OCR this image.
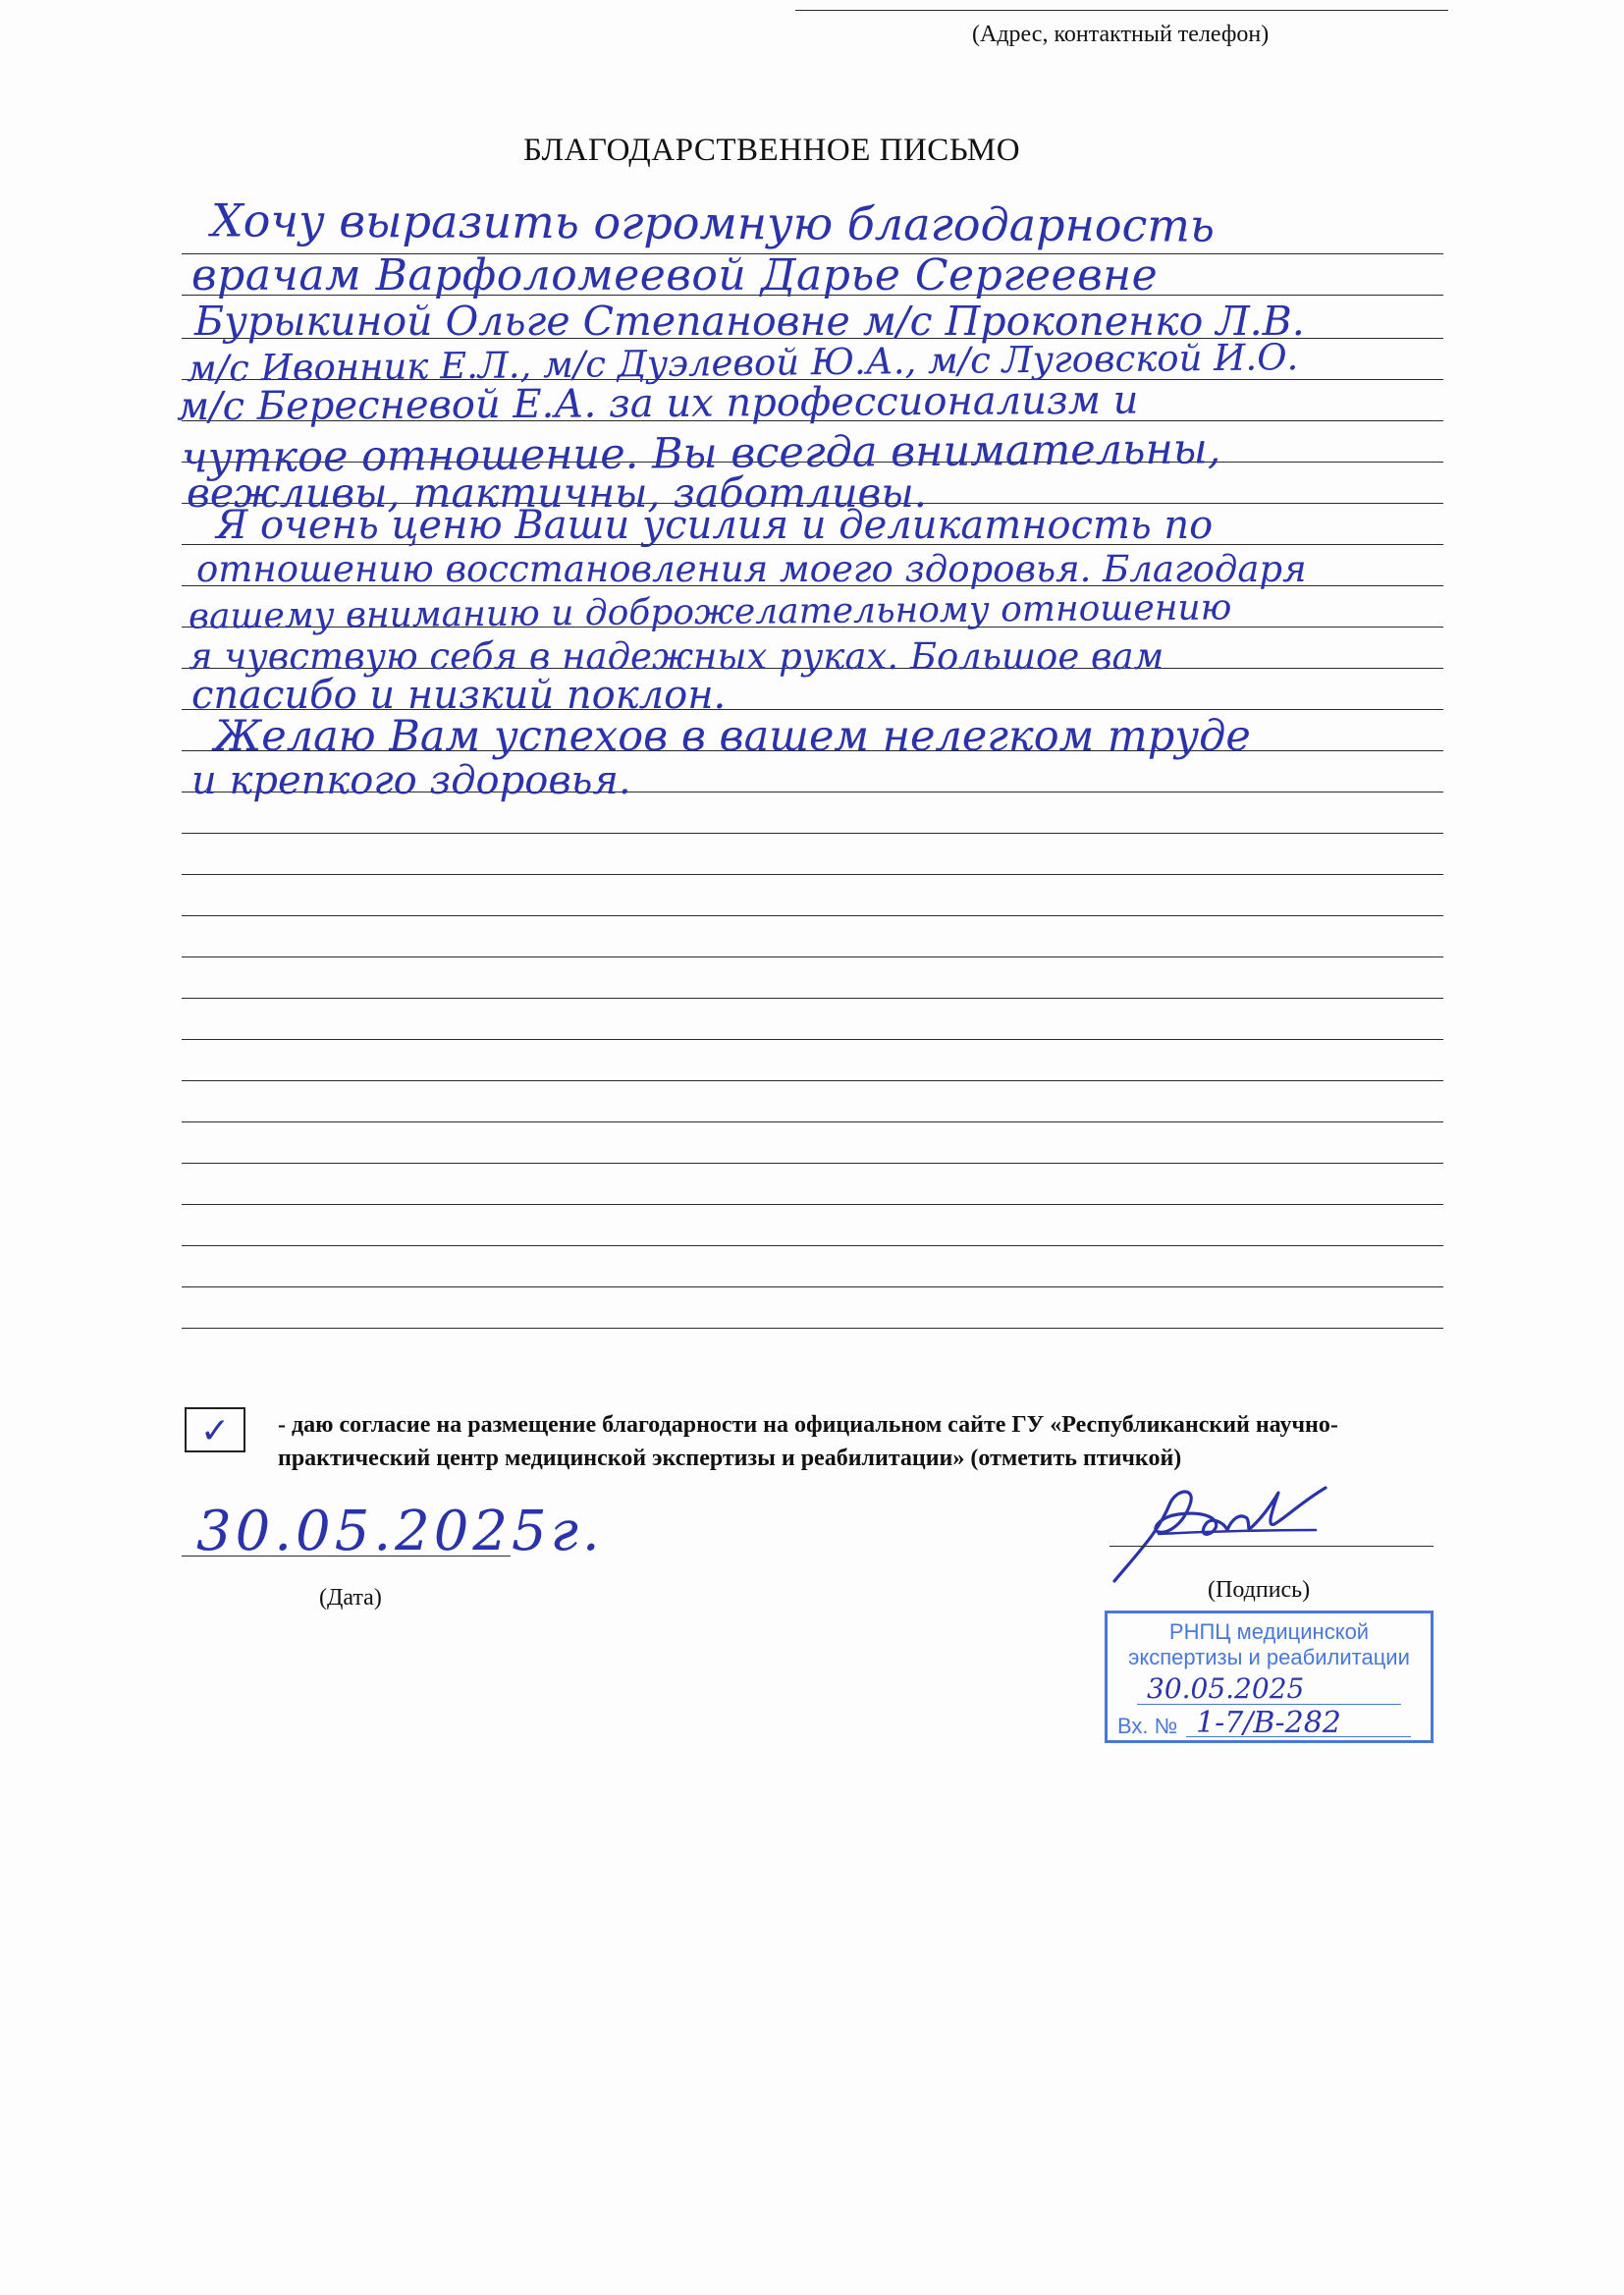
(Адрес, контактный телефон)
БЛАГОДАРСТВЕННОЕ ПИСЬМО
Хочу выразить огромную благодарность
врачам Варфоломеевой Дарье Сергеевне
Бурыкиной Ольге Степановне м/с Прокопенко Л.В.
м/с Ивонник Е.Л., м/с Дуэлевой Ю.А., м/с Луговской И.О.
м/с Бересневой Е.А. за их профессионализм и
чуткое отношение. Вы всегда внимательны,
вежливы, тактичны, заботливы.
Я очень ценю Ваши усилия и деликатность по
отношению восстановления моего здоровья. Благодаря
вашему вниманию и доброжелательному отношению
я чувствую себя в надежных руках. Большое вам
спасибо и низкий поклон.
Желаю Вам успехов в вашем нелегком труде
и крепкого здоровья.
✓ - даю согласие на размещение благодарности на официальном сайте ГУ «Республиканский научно-
практический центр медицинской экспертизы и реабилитации» (отметить птичкой)
30.05.2025г.
(Дата)	(Подпись)
РНПЦ медицинской
экспертизы и реабилитации
30.05.2025
Вх. № 1-7/В-282
